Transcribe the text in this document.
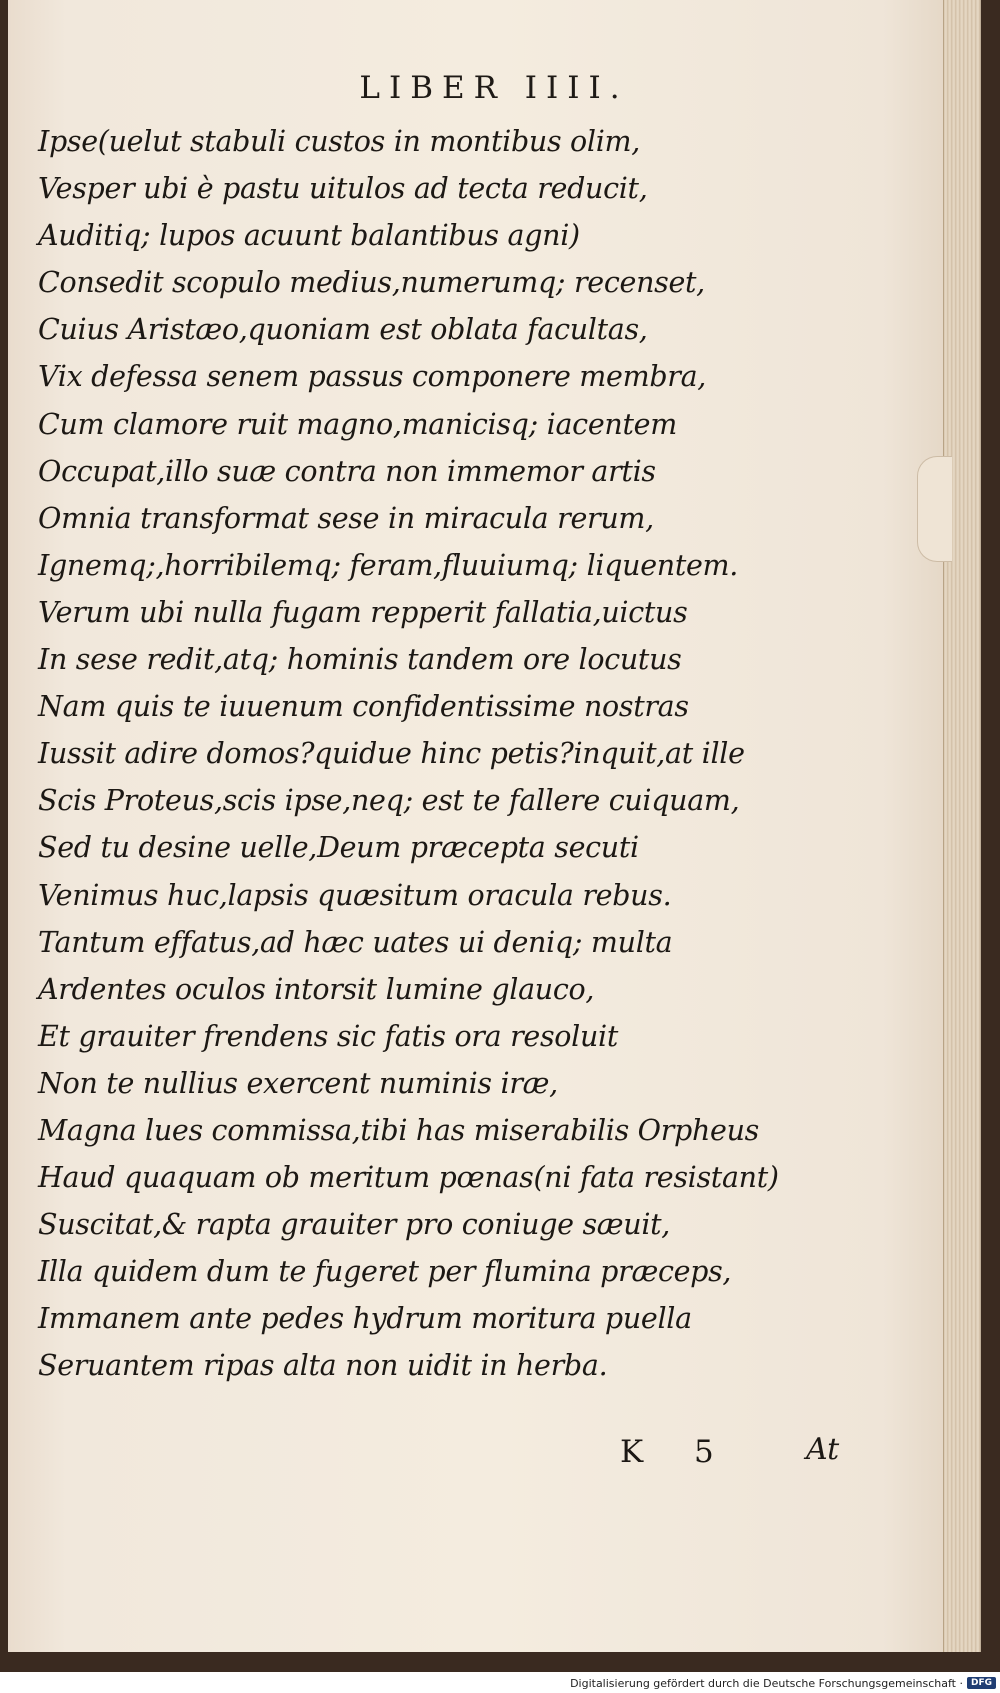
LIBER IIII.
Ipse(uelut stabuli custos in montibus olim,
Vesper ubi è pastu uitulos ad tecta reducit,
Auditiq; lupos acuunt balantibus agni)
Consedit scopulo medius,numerumq; recenset,
Cuius Aristæo,quoniam est oblata facultas,
Vix defessa senem passus componere membra,
Cum clamore ruit magno,manicisq; iacentem
Occupat,illo suæ contra non immemor artis
Omnia transformat sese in miracula rerum,
Ignemq;,horribilemq; feram,fluuiumq; liquentem.
Verum ubi nulla fugam repperit fallatia,uictus
In sese redit,atq; hominis tandem ore locutus
Nam quis te iuuenum confidentissime nostras
Iussit adire domos?quidue hinc petis?inquit,at ille
Scis Proteus,scis ipse,neq; est te fallere cuiquam,
Sed tu desine uelle,Deum præcepta secuti
Venimus huc,lapsis quæsitum oracula rebus.
Tantum effatus,ad hæc uates ui deniq; multa
Ardentes oculos intorsit lumine glauco,
Et grauiter frendens sic fatis ora resoluit
Non te nullius exercent numinis iræ,
Magna lues commissa,tibi has miserabilis Orpheus
Haud quaquam ob meritum pœnas(ni fata resistant)
Suscitat,& rapta grauiter pro coniuge sæuit,
Illa quidem dum te fugeret per flumina præceps,
Immanem ante pedes hydrum moritura puella
Seruantem ripas alta non uidit in herba.
K 5	At
Digitalisierung gefördert durch die Deutsche Forschungsgemeinschaft · DFG
